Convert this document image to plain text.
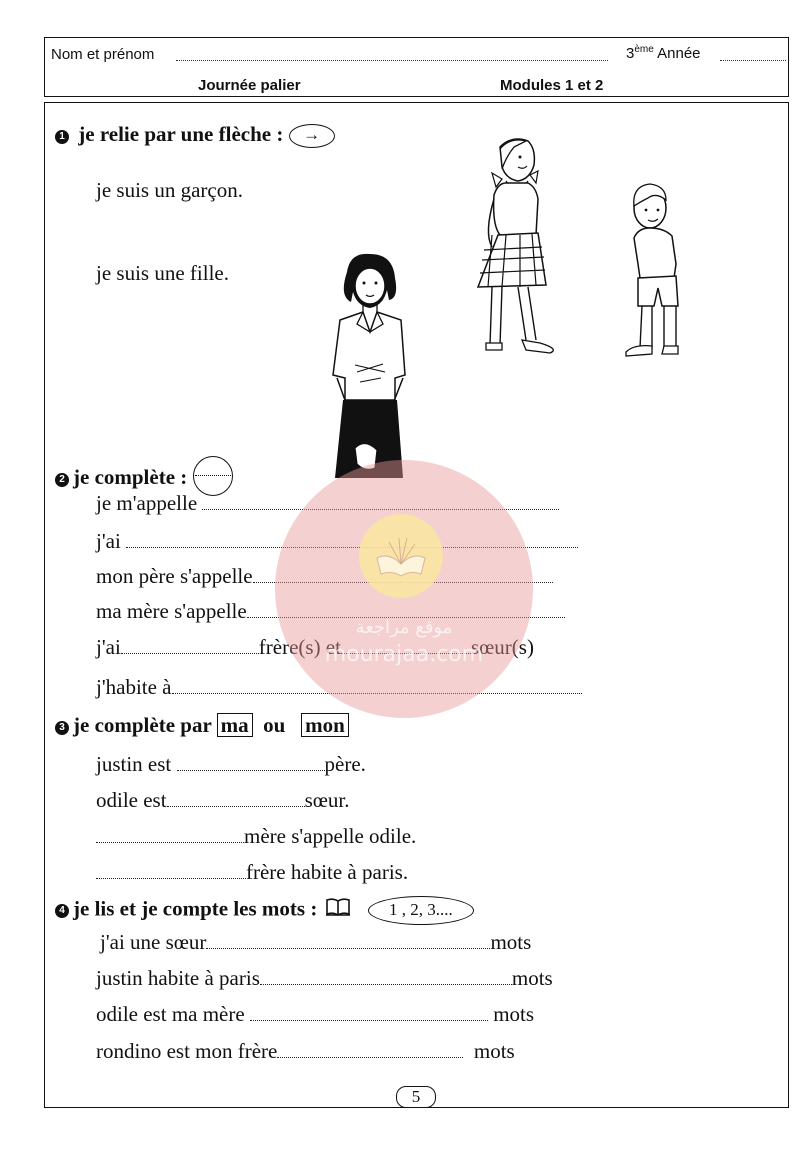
Nom et prénom	3ème Année
Journée palier	Modules 1 et 2
1 je relie par une flèche : →
je suis un garçon.
je suis une fille.
2 je complète :
je m'appelle
j'ai
mon père s'appelle
ma mère s'appelle
j'ai	frère(s) et	sœur(s)
j'habite à
3 je complète par ma ou mon
justin est	père.
odile est	sœur.
mère s'appelle odile.
frère habite à paris.
4 je lis et je compte les mots :	1 , 2, 3....
j'ai une sœur	mots
justin habite à paris	mots
odile est ma mère	mots
rondino est mon frère	mots
موقع مراجعة
mourajaa.com
5
